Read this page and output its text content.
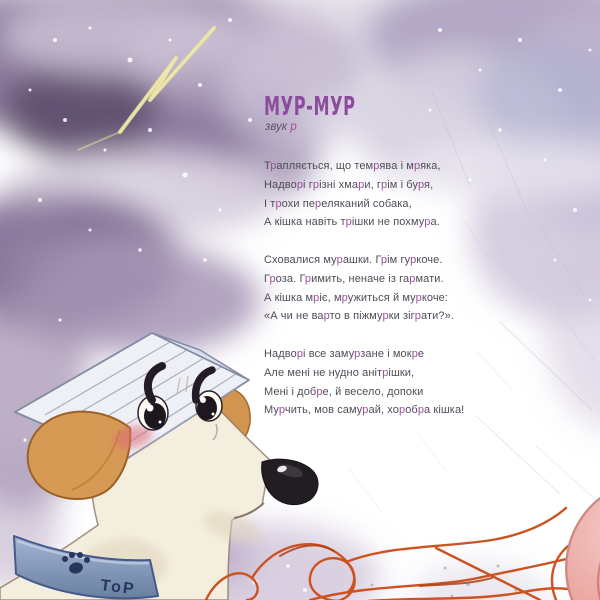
ТоР
МУР-МУР

звук р

Трапляється, що темрява і мряка,

Надворі грізні хмари, грім і буря,

І трохи переляканий собака,

А кішка навіть трішки не похмура.

Сховалися мурашки. Грім гуркоче.

Гроза. Гримить, неначе із гармати.

А кішка мріє, мружиться й муркоче:

«А чи не варто в піжмурки зіграти?».

Надворі все замурзане і мокре

Але мені не нудно анітрішки,

Мені і добре, й весело, допоки

Мурчить, мов самурай, хоробра кішка!
